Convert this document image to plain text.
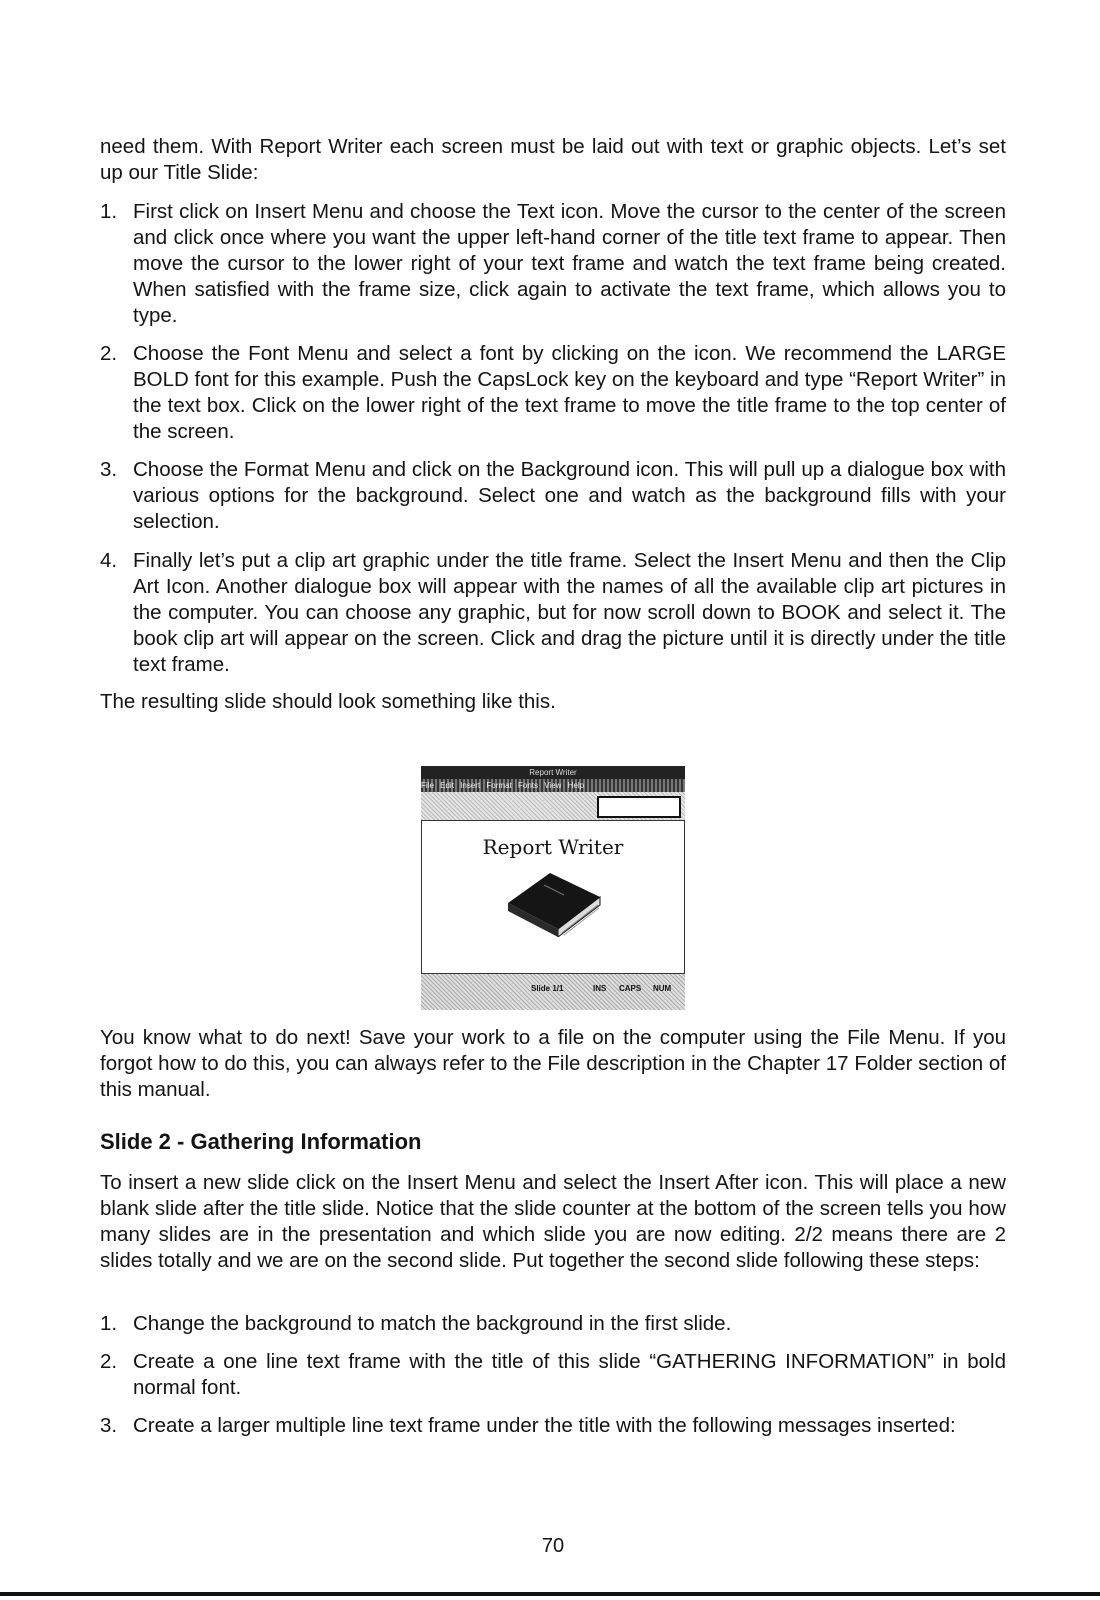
need them. With Report Writer each screen must be laid out with text or graphic objects. Let’s set up our Title Slide:

1. First click on Insert Menu and choose the Text icon. Move the cursor to the center of the screen and click once where you want the upper left-hand corner of the title text frame to appear. Then move the cursor to the lower right of your text frame and watch the text frame being created. When satisfied with the frame size, click again to activate the text frame, which allows you to type.
2. Choose the Font Menu and select a font by clicking on the icon. We recommend the LARGE BOLD font for this example. Push the CapsLock key on the keyboard and type “Report Writer” in the text box. Click on the lower right of the text frame to move the title frame to the top center of the screen.
3. Choose the Format Menu and click on the Background icon. This will pull up a dialogue box with various options for the background. Select one and watch as the background fills with your selection.
4. Finally let’s put a clip art graphic under the title frame. Select the Insert Menu and then the Clip Art Icon. Another dialogue box will appear with the names of all the available clip art pictures in the computer. You can choose any graphic, but for now scroll down to BOOK and select it. The book clip art will appear on the screen. Click and drag the picture until it is directly under the title text frame.

The resulting slide should look something like this.

You know what to do next! Save your work to a file on the computer using the File Menu. If you forgot how to do this, you can always refer to the File description in the Chapter 17 Folder section of this manual.

Slide 2 - Gathering Information

To insert a new slide click on the Insert Menu and select the Insert After icon. This will place a new blank slide after the title slide. Notice that the slide counter at the bottom of the screen tells you how many slides are in the presentation and which slide you are now editing. 2/2 means there are 2 slides totally and we are on the second slide. Put together the second slide following these steps:

1. Change the background to match the background in the first slide.
2. Create a one line text frame with the title of this slide “GATHERING INFORMATION” in bold normal font.
3. Create a larger multiple line text frame under the title with the following messages inserted:
70
Report Writer
File Edit Insert Format Fonts View Help
Report Writer
Slide 1/1	INS CAPS NUM
